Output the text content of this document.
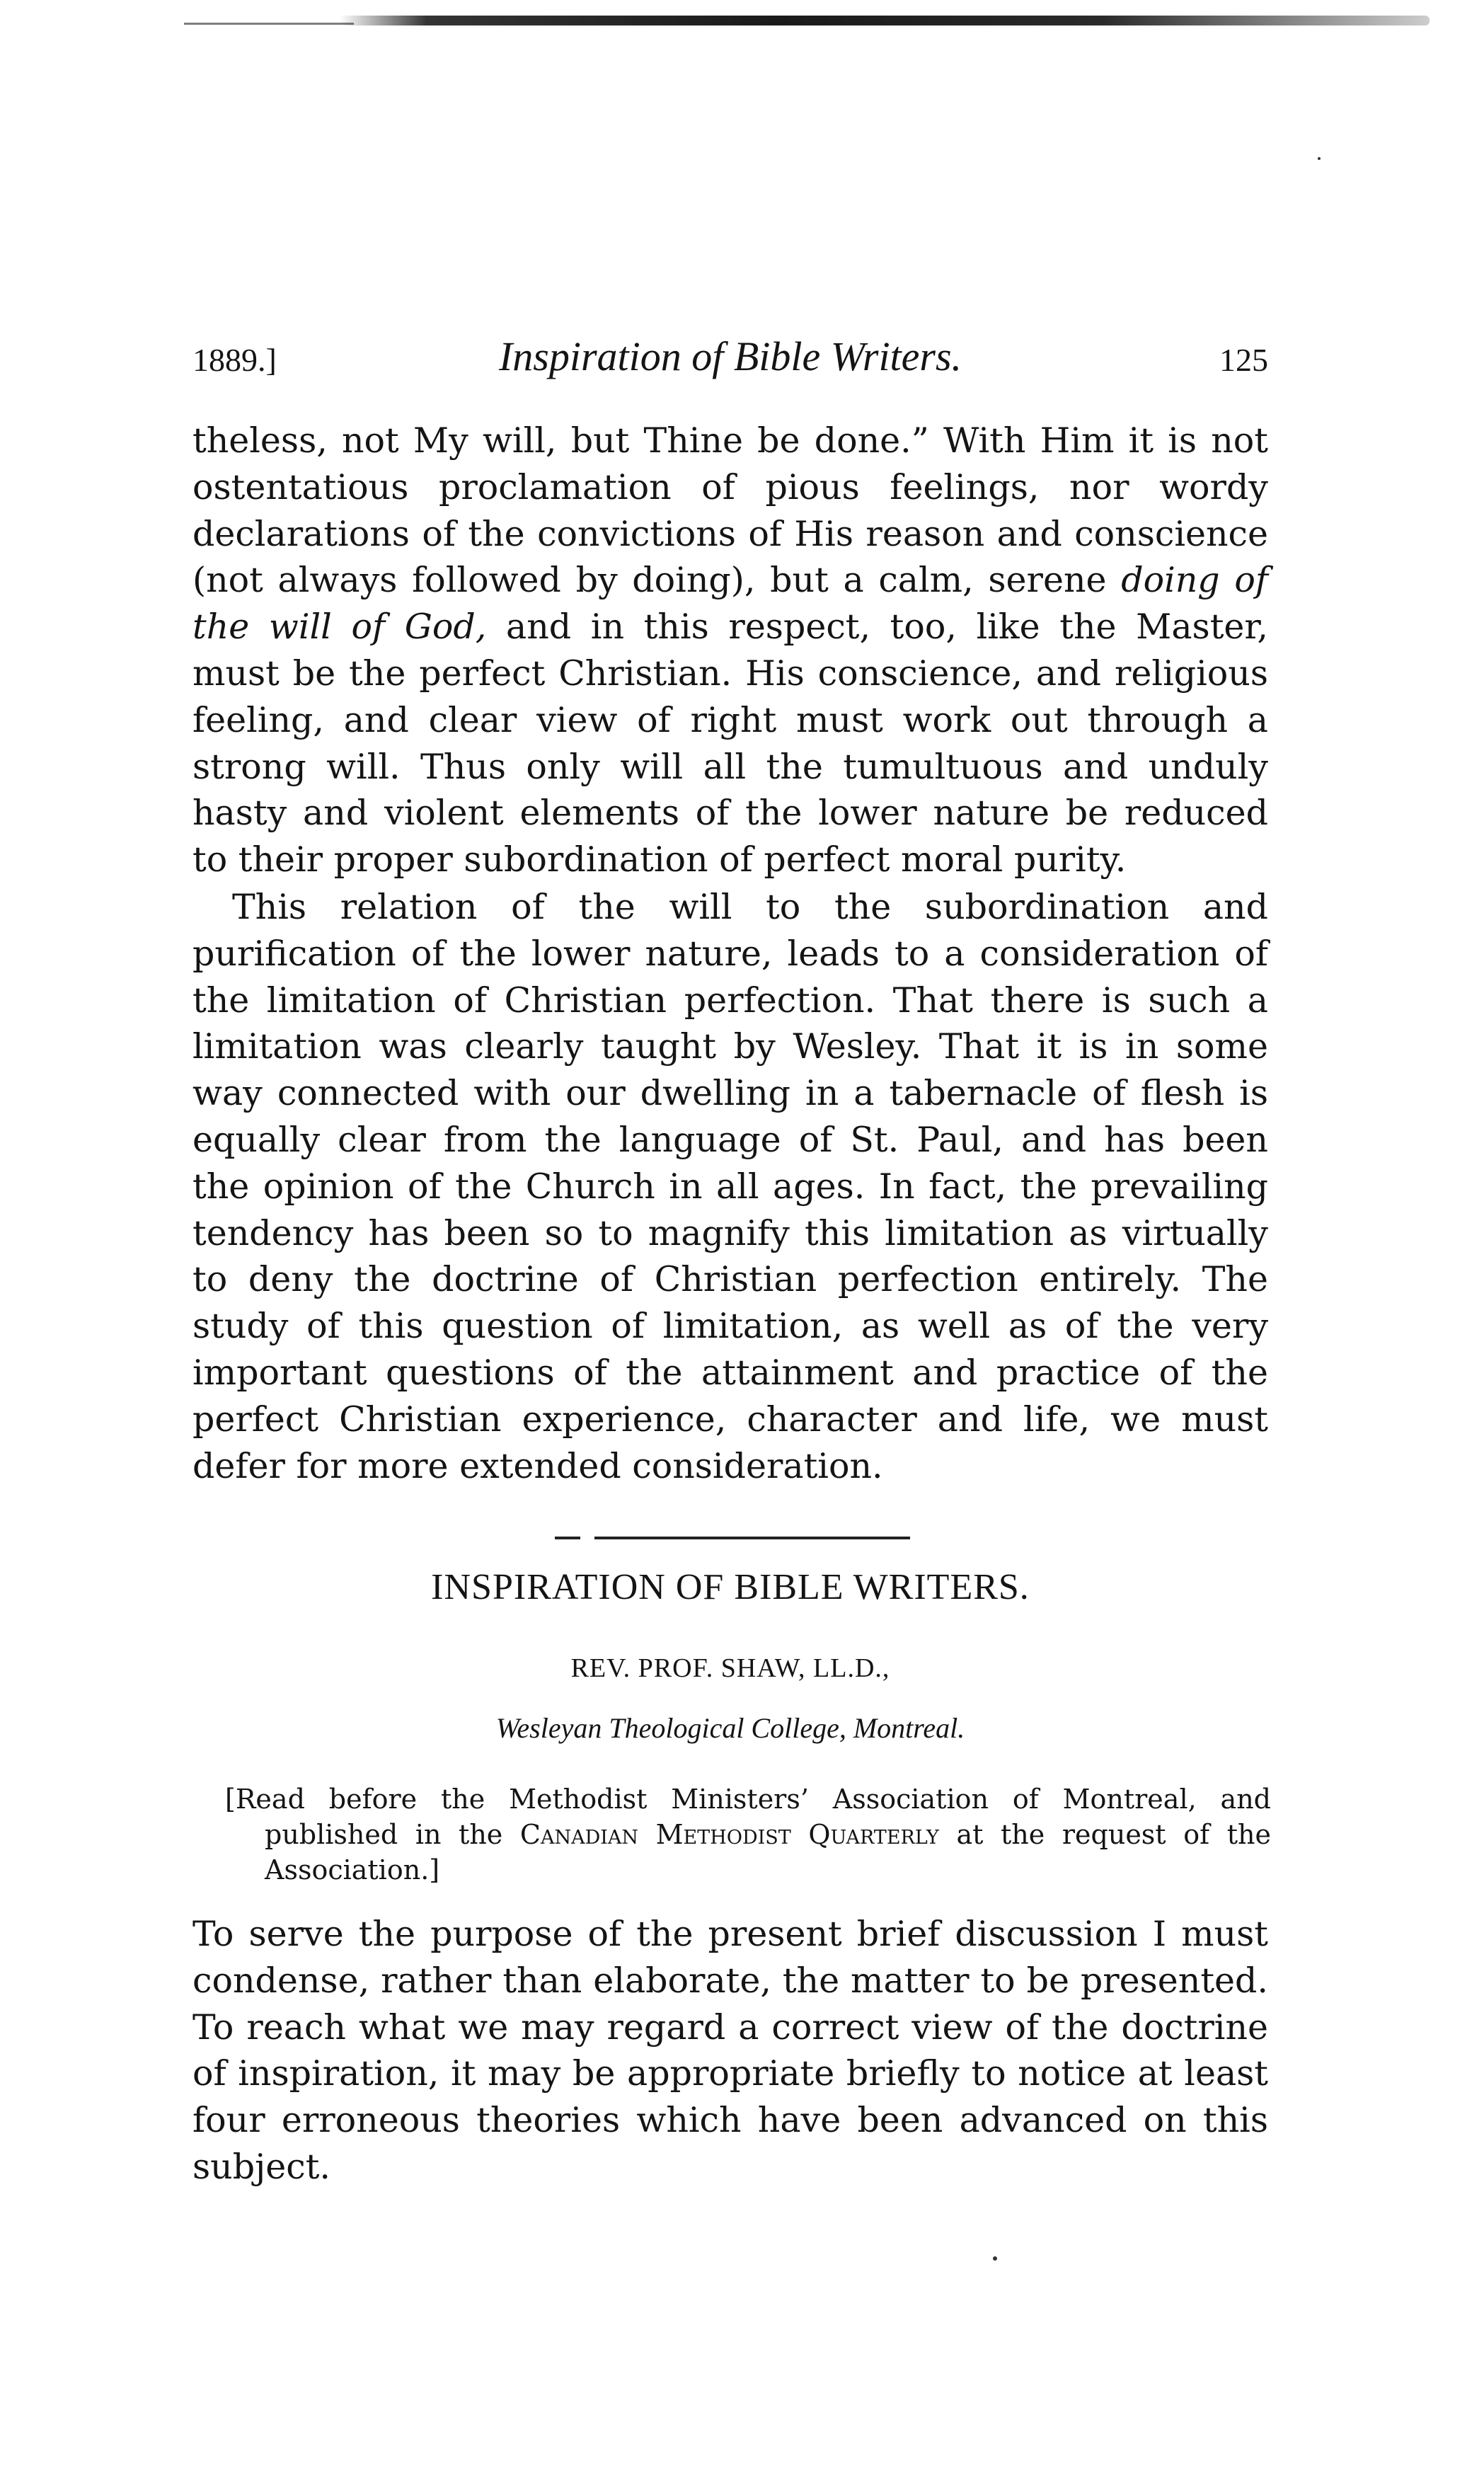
1889.]	Inspiration of Bible Writers.	125

theless, not My will, but Thine be done.” With Him it is not ostentatious proclamation of pious feelings, nor wordy declarations of the convictions of His reason and conscience (not always followed by doing), but a calm, serene doing of the will of God, and in this respect, too, like the Master, must be the perfect Christian. His conscience, and religious feeling, and clear view of right must work out through a strong will. Thus only will all the tumultuous and unduly hasty and violent elements of the lower nature be reduced to their proper subordination of perfect moral purity.

This relation of the will to the subordination and purification of the lower nature, leads to a consideration of the limitation of Christian perfection. That there is such a limitation was clearly taught by Wesley. That it is in some way connected with our dwelling in a tabernacle of flesh is equally clear from the language of St. Paul, and has been the opinion of the Church in all ages. In fact, the prevailing tendency has been so to magnify this limitation as virtually to deny the doctrine of Christian perfection entirely. The study of this question of limitation, as well as of the very important questions of the attainment and practice of the perfect Christian experience, character and life, we must defer for more extended consideration.

INSPIRATION OF BIBLE WRITERS.
REV. PROF. SHAW, LL.D.,
Wesleyan Theological College, Montreal.

[Read before the Methodist Ministers’ Association of Montreal, and published in the Canadian Methodist Quarterly at the request of the Association.]

To serve the purpose of the present brief discussion I must condense, rather than elaborate, the matter to be presented. To reach what we may regard a correct view of the doctrine of inspiration, it may be appropriate briefly to notice at least four erroneous theories which have been advanced on this subject.
